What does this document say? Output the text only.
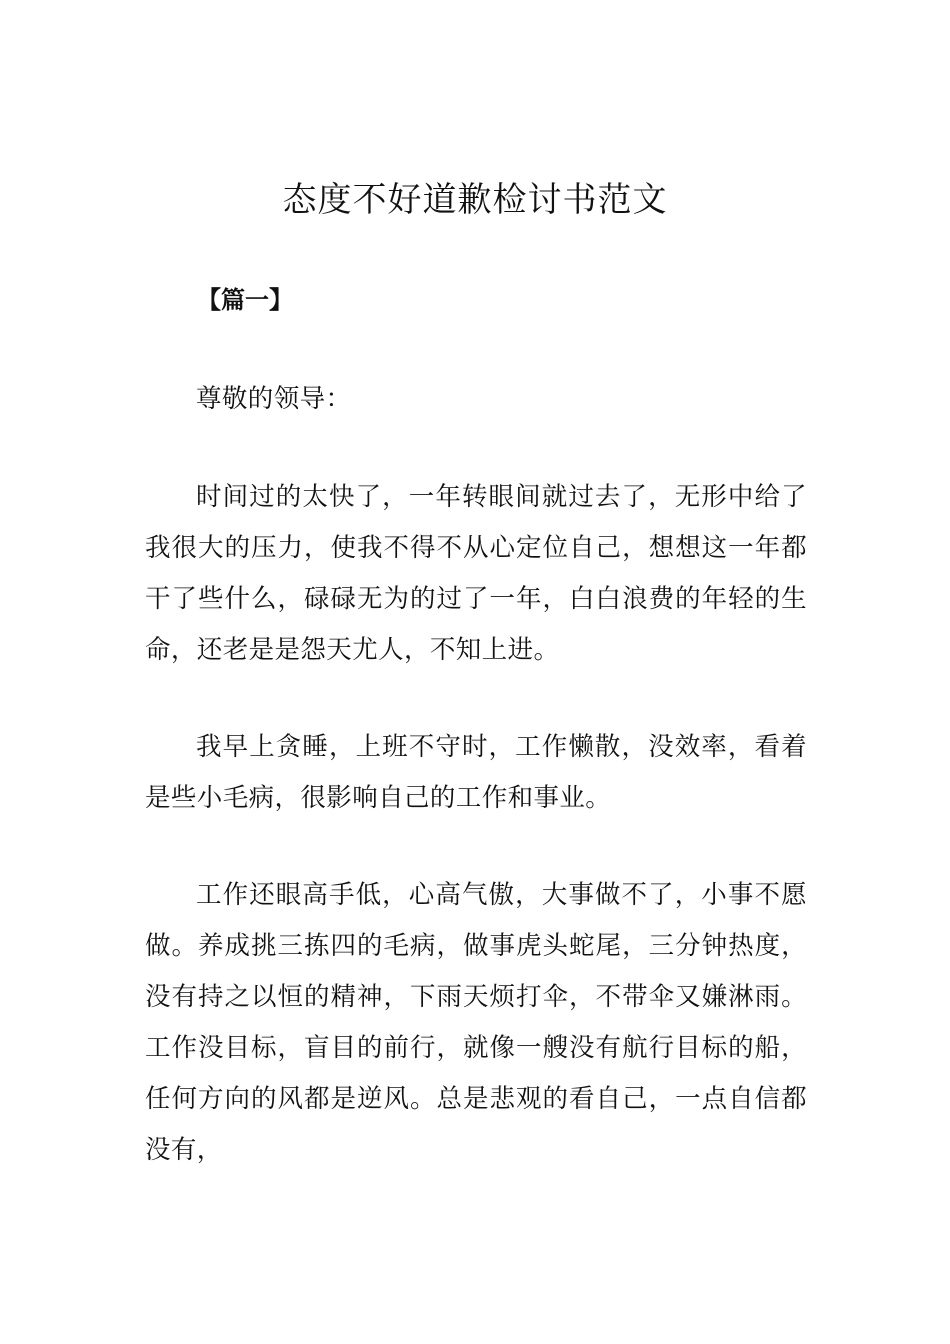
态度不好道歉检讨书范文

【篇一】

尊敬的领导：

时间过的太快了，一年转眼间就过去了，无形中给了我很大的压力，使我不得不从心定位自己，想想这一年都干了些什么，碌碌无为的过了一年，白白浪费的年轻的生命，还老是是怨天尤人，不知上进。

我早上贪睡，上班不守时，工作懒散，没效率，看着是些小毛病，很影响自己的工作和事业。

工作还眼高手低，心高气傲，大事做不了，小事不愿做。养成挑三拣四的毛病，做事虎头蛇尾，三分钟热度，没有持之以恒的精神，下雨天烦打伞，不带伞又嫌淋雨。工作没目标，盲目的前行，就像一艘没有航行目标的船，任何方向的风都是逆风。总是悲观的看自己，一点自信都没有，
